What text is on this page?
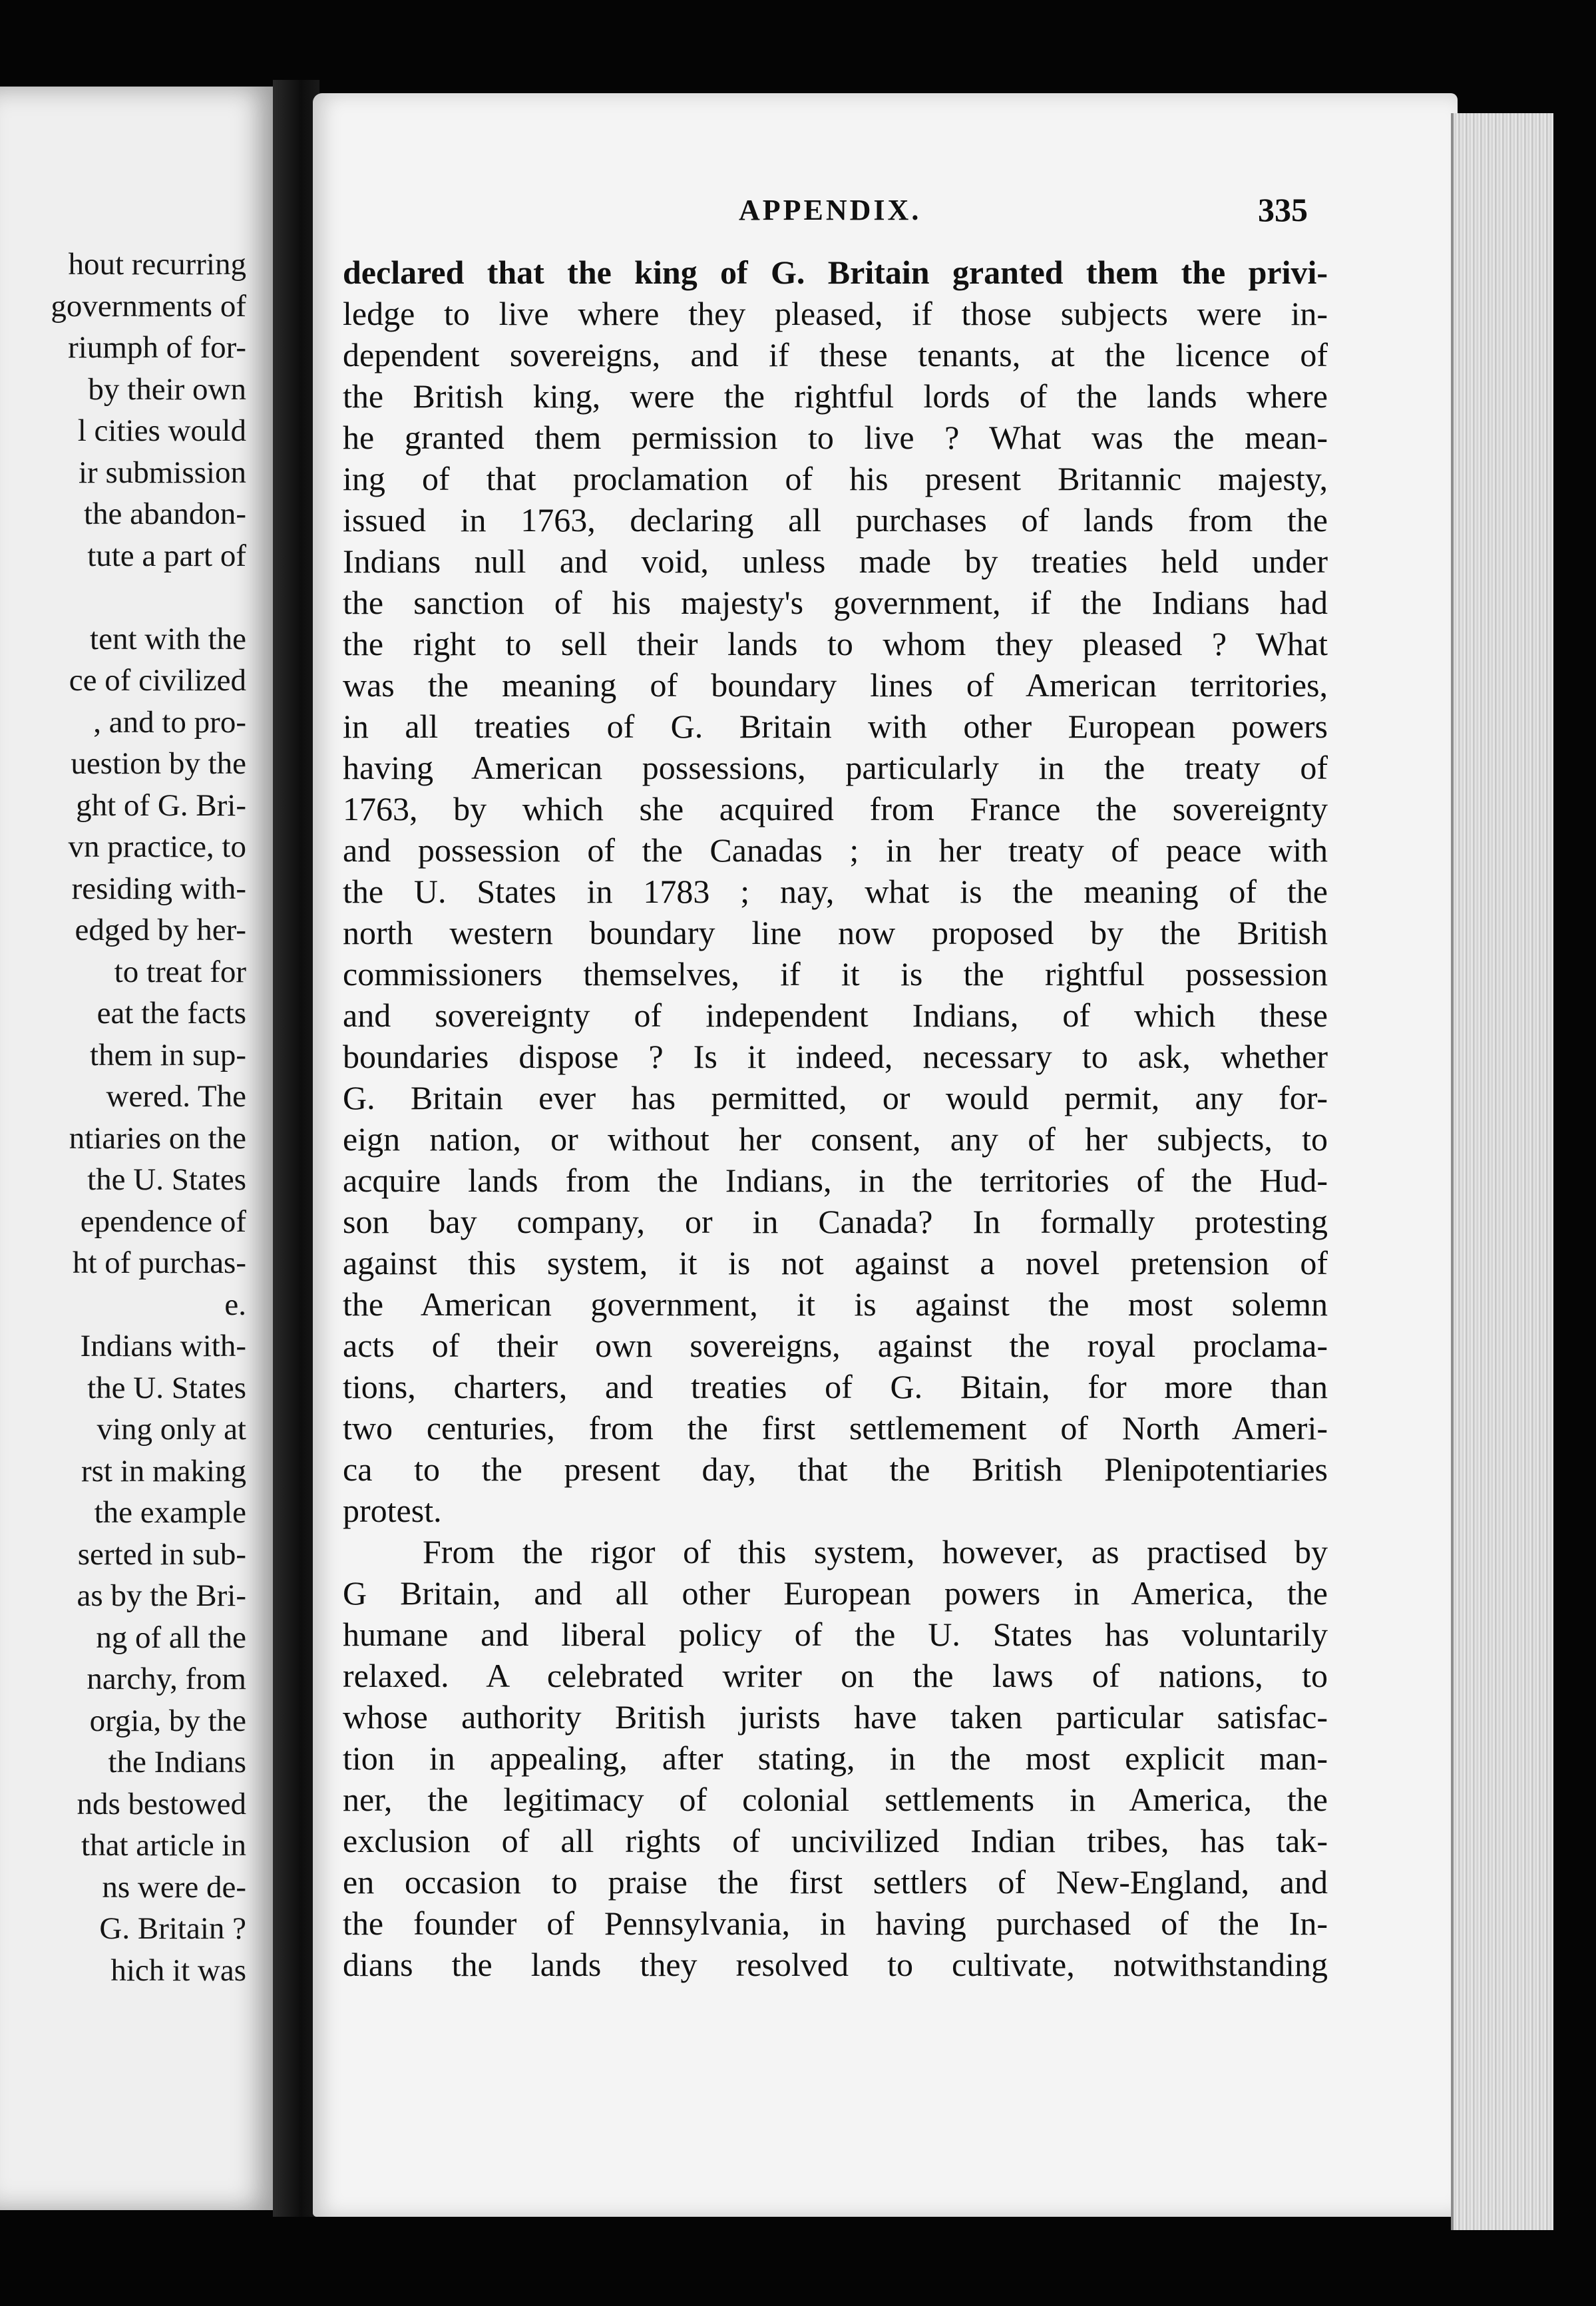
hout recurring
governments of
riumph of for-
by their own
l cities would
ir submission
the abandon-
tute a part of
tent with the
ce of civilized
, and to pro-
uestion by the
ght of G. Bri-
vn practice, to
residing with-
edged by her-
to treat for
eat the facts
them in sup-
wered. The
ntiaries on the
the U. States
ependence of
ht of purchas-
e.
Indians with-
the U. States
ving only at
rst in making
the example
serted in sub-
as by the Bri-
ng of all the
narchy, from
orgia, by the
the Indians
nds bestowed
that article in
ns were de-
G. Britain ?
hich it was
APPENDIX.	335
declared that the king of G. Britain granted them the privi-
ledge to live where they pleased, if those subjects were in-
dependent sovereigns, and if these tenants, at the licence of
the British king, were the rightful lords of the lands where
he granted them permission to live ? What was the mean-
ing of that proclamation of his present Britannic majesty,
issued in 1763, declaring all purchases of lands from the
Indians null and void, unless made by treaties held under
the sanction of his majesty's government, if the Indians had
the right to sell their lands to whom they pleased ? What
was the meaning of boundary lines of American territories,
in all treaties of G. Britain with other European powers
having American possessions, particularly in the treaty of
1763, by which she acquired from France the sovereignty
and possession of the Canadas ; in her treaty of peace with
the U. States in 1783 ; nay, what is the meaning of the
north western boundary line now proposed by the British
commissioners themselves, if it is the rightful possession
and sovereignty of independent Indians, of which these
boundaries dispose ? Is it indeed, necessary to ask, whether
G. Britain ever has permitted, or would permit, any for-
eign nation, or without her consent, any of her subjects, to
acquire lands from the Indians, in the territories of the Hud-
son bay company, or in Canada? In formally protesting
against this system, it is not against a novel pretension of
the American government, it is against the most solemn
acts of their own sovereigns, against the royal proclama-
tions, charters, and treaties of G. Bitain, for more than
two centuries, from the first settlemement of North Ameri-
ca to the present day, that the British Plenipotentiaries
protest.
From the rigor of this system, however, as practised by
G Britain, and all other European powers in America, the
humane and liberal policy of the U. States has voluntarily
relaxed. A celebrated writer on the laws of nations, to
whose authority British jurists have taken particular satisfac-
tion in appealing, after stating, in the most explicit man-
ner, the legitimacy of colonial settlements in America, the
exclusion of all rights of uncivilized Indian tribes, has tak-
en occasion to praise the first settlers of New-England, and
the founder of Pennsylvania, in having purchased of the In-
dians the lands they resolved to cultivate, notwithstanding
